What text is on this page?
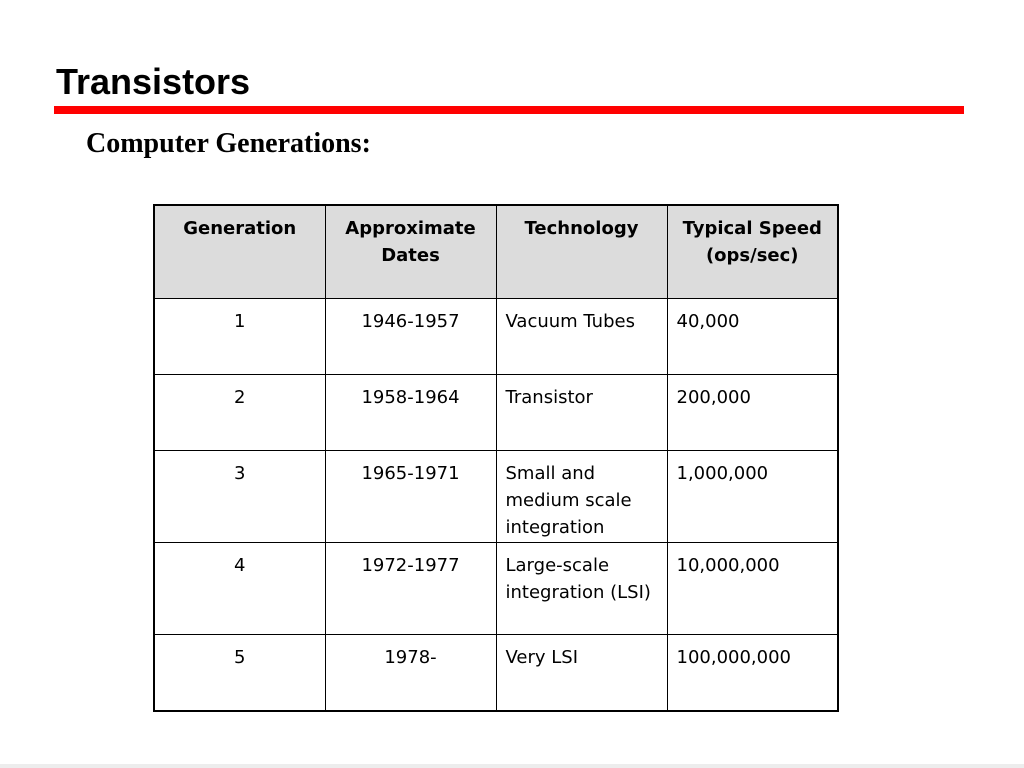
Transistors
Computer Generations:
Generation	Approximate Dates	Technology	Typical Speed (ops/sec)
1	1946-1957	Vacuum Tubes	40,000
2	1958-1964	Transistor	200,000
3	1965-1971	Small and medium scale integration	1,000,000
4	1972-1977	Large-scale integration (LSI)	10,000,000
5	1978-	Very LSI	100,000,000
